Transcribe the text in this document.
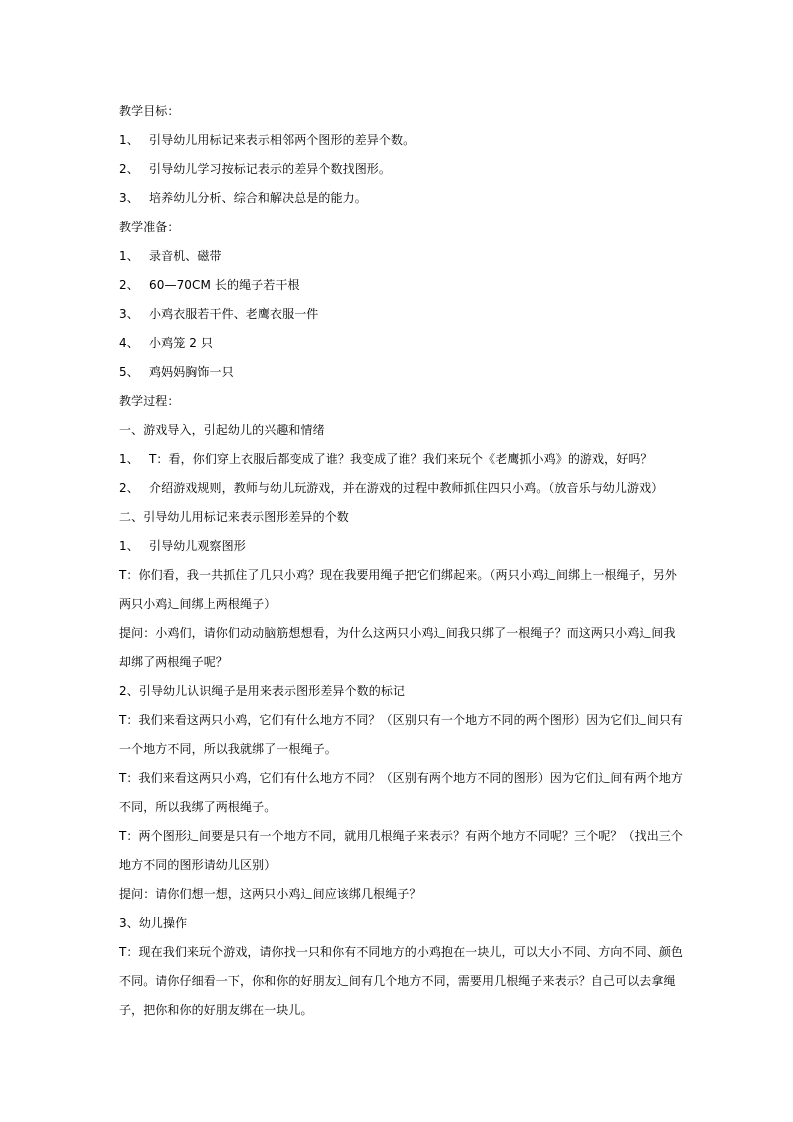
教学目标：
1、 引导幼儿用标记来表示相邻两个图形的差异个数。
2、 引导幼儿学习按标记表示的差异个数找图形。
3、 培养幼儿分析、综合和解决总是的能力。
教学准备：
1、 录音机、磁带
2、 60—70CM 长的绳子若干根
3、 小鸡衣服若干件、老鹰衣服一件
4、 小鸡笼 2 只
5、 鸡妈妈胸饰一只
教学过程：
一、游戏导入，引起幼儿的兴趣和情绪
1、 T：看，你们穿上衣服后都变成了谁？我变成了谁？我们来玩个《老鹰抓小鸡》的游戏，好吗？
2、 介绍游戏规则，教师与幼儿玩游戏，并在游戏的过程中教师抓住四只小鸡。（放音乐与幼儿游戏）
二、引导幼儿用标记来表示图形差异的个数
1、 引导幼儿观察图形
T：你们看，我一共抓住了几只小鸡？现在我要用绳子把它们绑起来。（两只小鸡辶间绑上一根绳子，另外
两只小鸡辶间绑上两根绳子）
提问：小鸡们，请你们动动脑筋想想看，为什么这两只小鸡辶间我只绑了一根绳子？而这两只小鸡辶间我
却绑了两根绳子呢？
2、引导幼儿认识绳子是用来表示图形差异个数的标记
T：我们来看这两只小鸡，它们有什么地方不同？（区别只有一个地方不同的两个图形）因为它们辶间只有
一个地方不同，所以我就绑了一根绳子。
T：我们来看这两只小鸡，它们有什么地方不同？（区别有两个地方不同的图形）因为它们辶间有两个地方
不同，所以我绑了两根绳子。
T：两个图形辶间要是只有一个地方不同，就用几根绳子来表示？有两个地方不同呢？三个呢？（找出三个
地方不同的图形请幼儿区别）
提问：请你们想一想，这两只小鸡辶间应该绑几根绳子？
3、幼儿操作
T：现在我们来玩个游戏，请你找一只和你有不同地方的小鸡抱在一块儿，可以大小不同、方向不同、颜色
不同。请你仔细看一下，你和你的好朋友辶间有几个地方不同，需要用几根绳子来表示？自己可以去拿绳
子，把你和你的好朋友绑在一块儿。
